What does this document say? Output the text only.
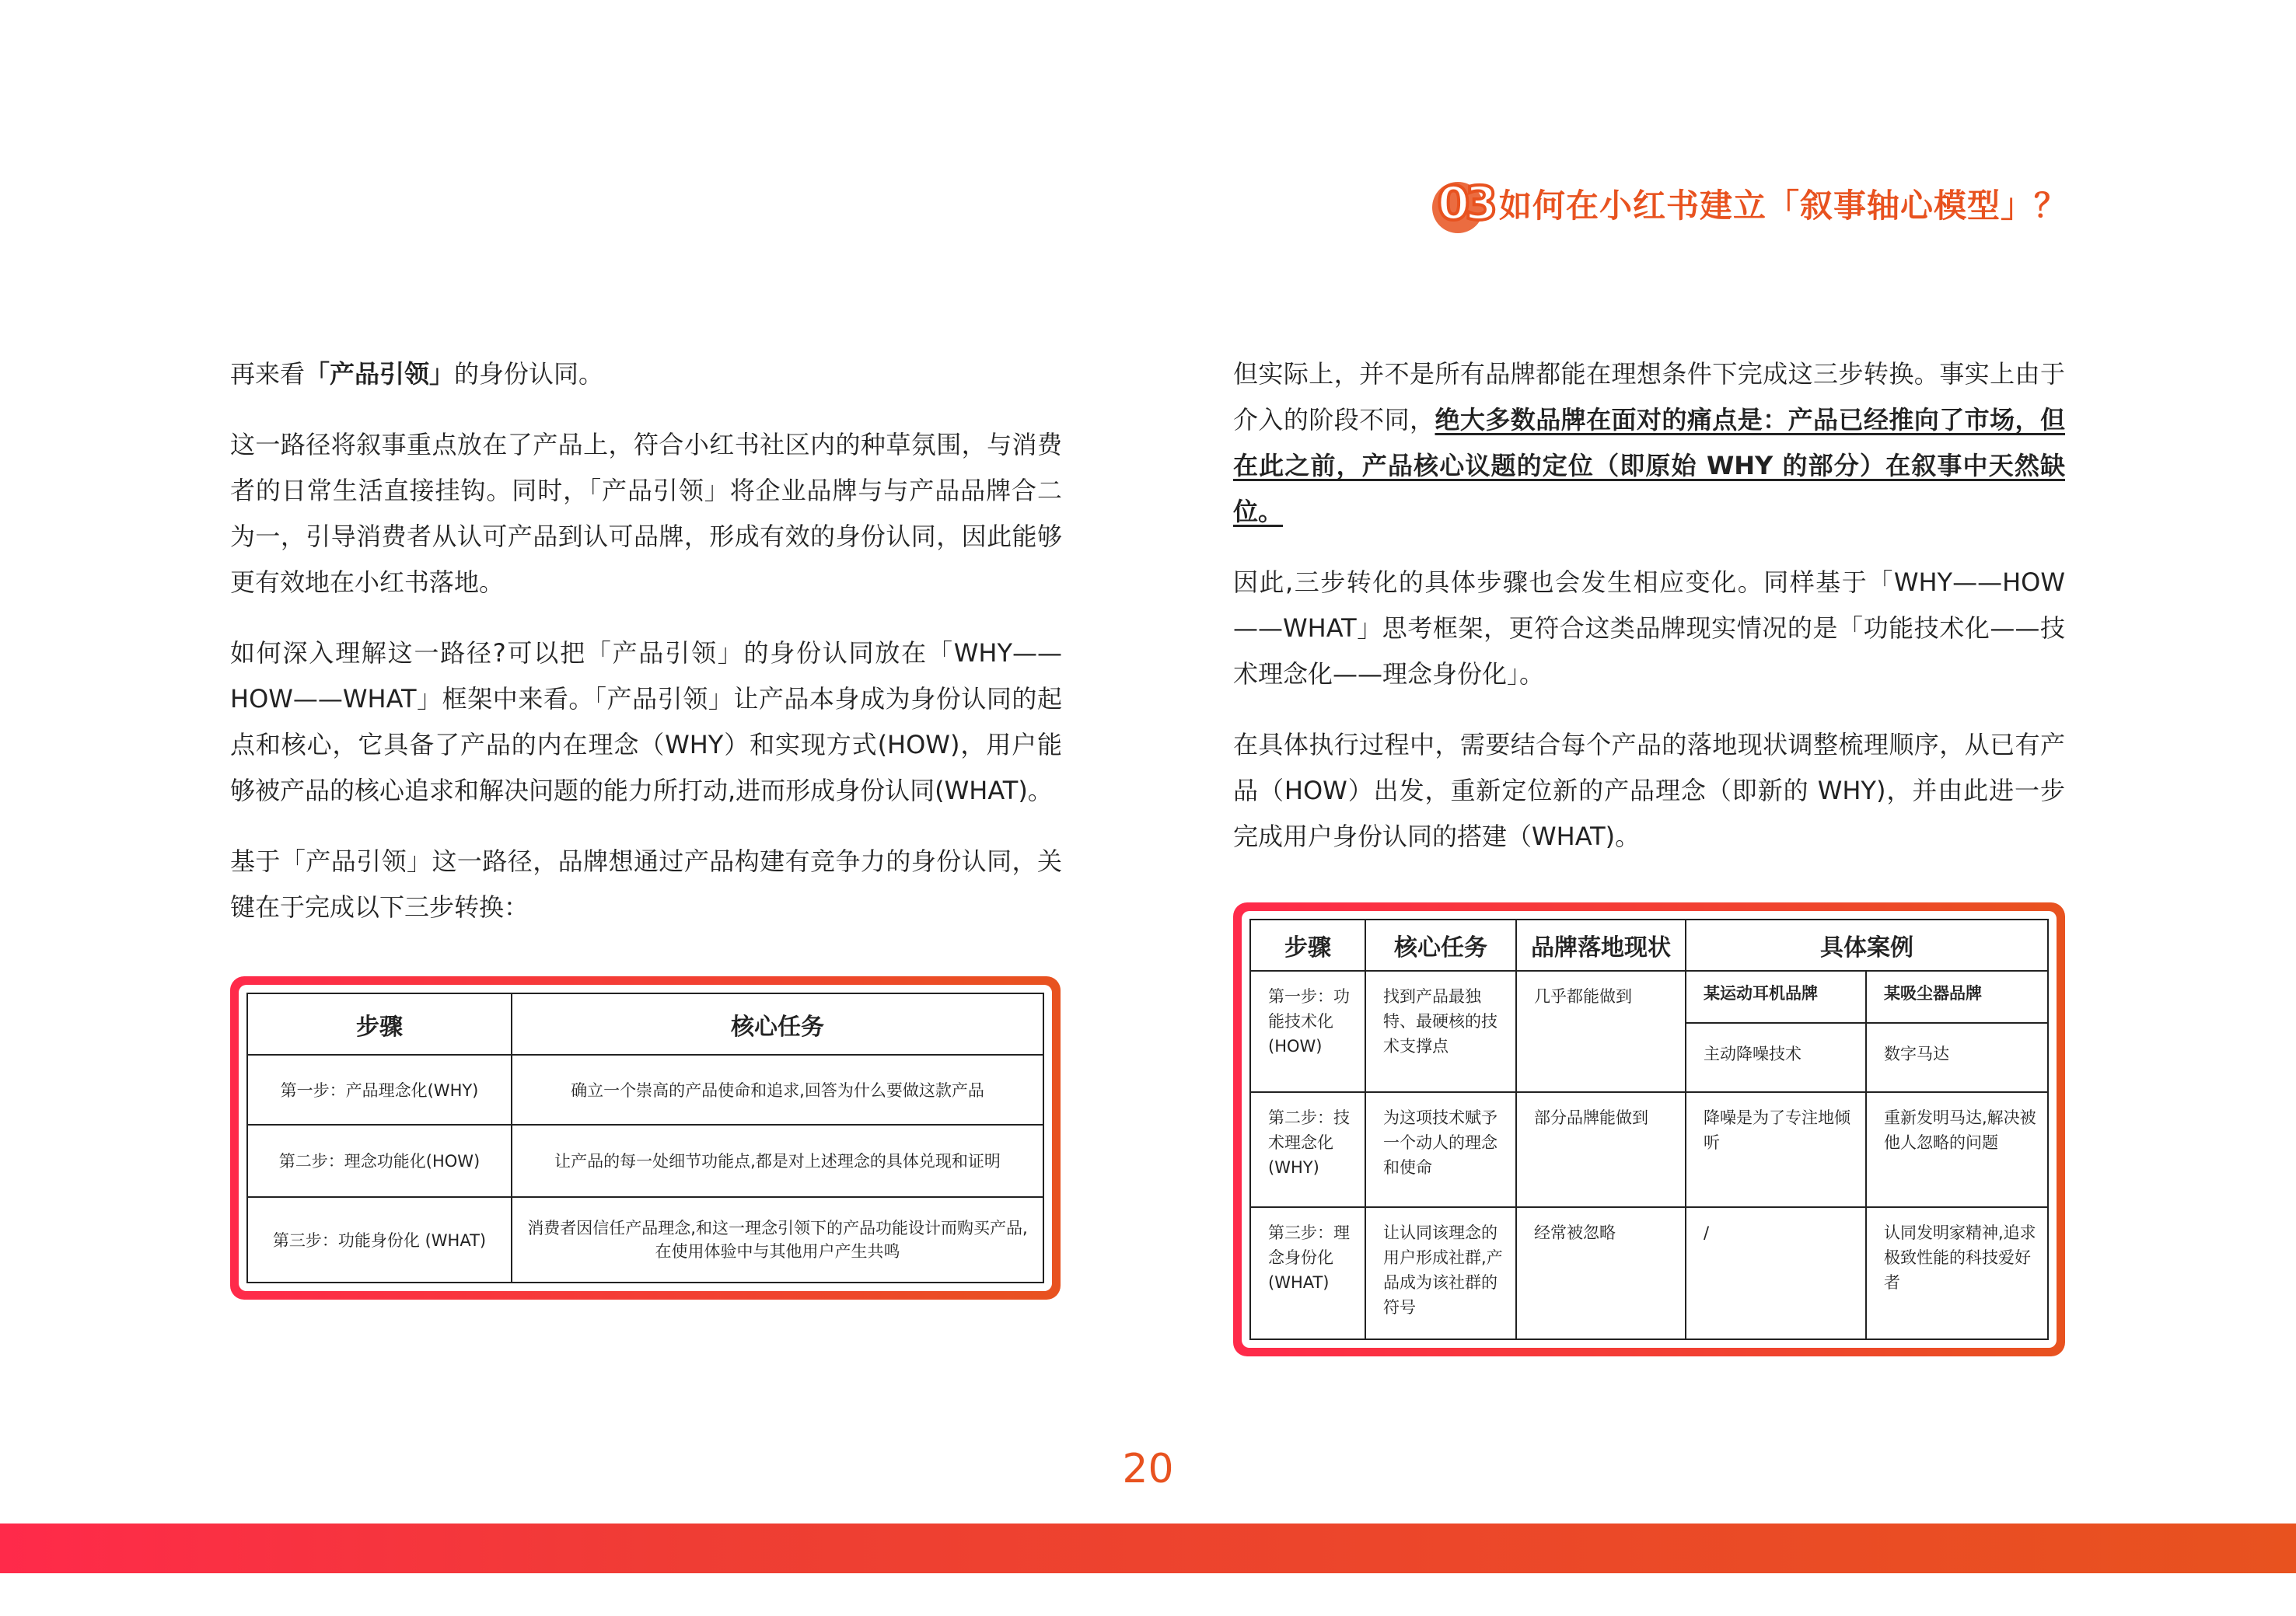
03 如何在小红书建立「叙事轴心模型」？

再来看「产品引领」的身份认同。

这一路径将叙事重点放在了产品上，符合小红书社区内的种草氛围，与消费者的日常生活直接挂钩。同时，「产品引领」将企业品牌与与产品品牌合二为一，引导消费者从认可产品到认可品牌，形成有效的身份认同，因此能够更有效地在小红书落地。

如何深入理解这一路径?可以把「产品引领」的身份认同放在「WHY——HOW——WHAT」框架中来看。「产品引领」让产品本身成为身份认同的起点和核心，它具备了产品的内在理念（WHY）和实现方式(HOW)，用户能够被产品的核心追求和解决问题的能力所打动,进而形成身份认同(WHAT)。

基于「产品引领」这一路径，品牌想通过产品构建有竞争力的身份认同，关键在于完成以下三步转换：

步骤	核心任务
第一步：产品理念化(WHY)	确立一个崇高的产品使命和追求,回答为什么要做这款产品
第二步：理念功能化(HOW)	让产品的每一处细节功能点,都是对上述理念的具体兑现和证明
第三步：功能身份化 (WHAT)	消费者因信任产品理念,和这一理念引领下的产品功能设计而购买产品,
在使用体验中与其他用户产生共鸣

但实际上，并不是所有品牌都能在理想条件下完成这三步转换。事实上由于介入的阶段不同，绝大多数品牌在面对的痛点是：产品已经推向了市场，但在此之前，产品核心议题的定位（即原始 WHY 的部分）在叙事中天然缺位。

因此,三步转化的具体步骤也会发生相应变化。同样基于「WHY——HOW——WHAT」思考框架，更符合这类品牌现实情况的是「功能技术化——技术理念化——理念身份化」。

在具体执行过程中，需要结合每个产品的落地现状调整梳理顺序，从已有产品（HOW）出发，重新定位新的产品理念（即新的 WHY)，并由此进一步完成用户身份认同的搭建（WHAT)。

步骤	核心任务	品牌落地现状	具体案例	
第一步：功能技术化(HOW)	找到产品最独特、最硬核的技术支撑点	几乎都能做到	某运动耳机品牌	某吸尘器品牌
			主动降噪技术	数字马达
第二步：技术理念化(WHY)	为这项技术赋予一个动人的理念和使命	部分品牌能做到	降噪是为了专注地倾听	重新发明马达,解决被他人忽略的问题
第三步：理念身份化(WHAT)	让认同该理念的用户形成社群,产品成为该社群的符号	经常被忽略	/	认同发明家精神,追求极致性能的科技爱好者
20
